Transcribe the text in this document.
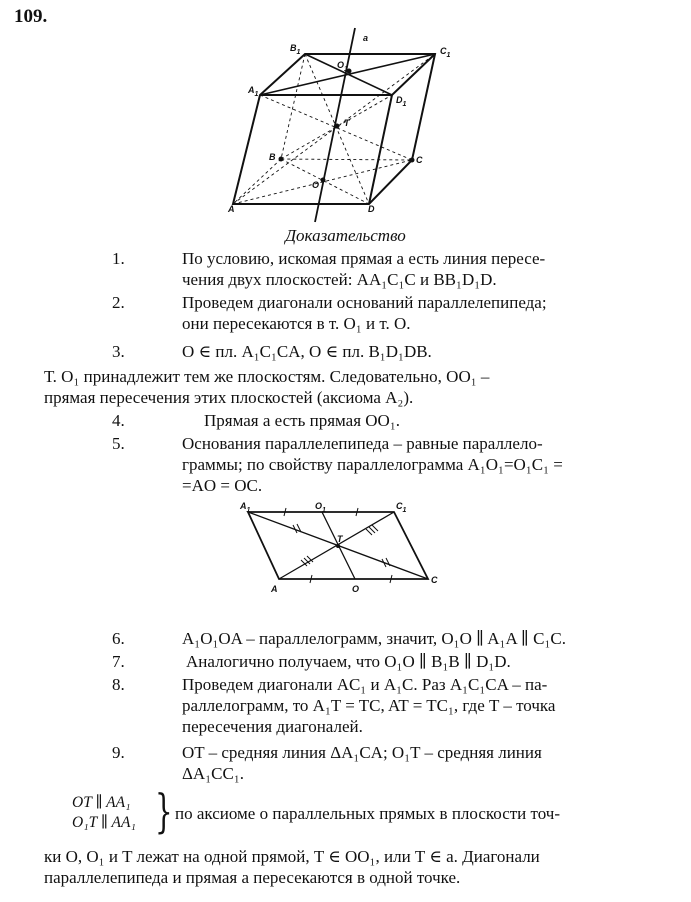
109.
$B_1$	$C_1$
$A_1$
$D_1$
$O_1$
a
T
B	C
O
A	D
Доказательство
1.	По условию, искомая прямая а есть линия пересе-
чения двух плоскостей: AA₁C₁C и BB₁D₁D.
2.	Проведем диагонали оснований параллелепипеда;
они пересекаются в т. O₁ и т. O.
3.	O ∈ пл. A₁C₁CA, O ∈ пл. B₁D₁DB.
Т. O₁ принадлежит тем же плоскостям. Следовательно, OO₁ –
прямая пересечения этих плоскостей (аксиома A₂).
4.	Прямая а есть прямая OO₁.
5.	Основания параллелепипеда – равные параллело-
граммы; по свойству параллелограмма A₁O₁=O₁C₁ =
=AO = OC.
$A_1$	$O_1$	$C_1$
T
A	O
C
6.	A₁O₁OA – параллелограмм, значит, O₁O ∥ A₁A ∥ C₁C.
7.	Аналогично получаем, что O₁O ∥ B₁B ∥ D₁D.
8.	Проведем диагонали AC₁ и A₁C. Раз A₁C₁CA – па-
раллелограмм, то A₁T = TC, AT = TC₁, где T – точка
пересечения диагоналей.
9.	OT – средняя линия ΔA₁CA; O₁T – средняя линия
ΔA₁CC₁.
OT ∥ AA₁
O₁T ∥ AA₁ } по аксиоме о параллельных прямых в плоскости точ-
ки O, O₁ и T лежат на одной прямой, T ∈ OO₁, или T ∈ a. Диагонали
параллелепипеда и прямая a пересекаются в одной точке.
